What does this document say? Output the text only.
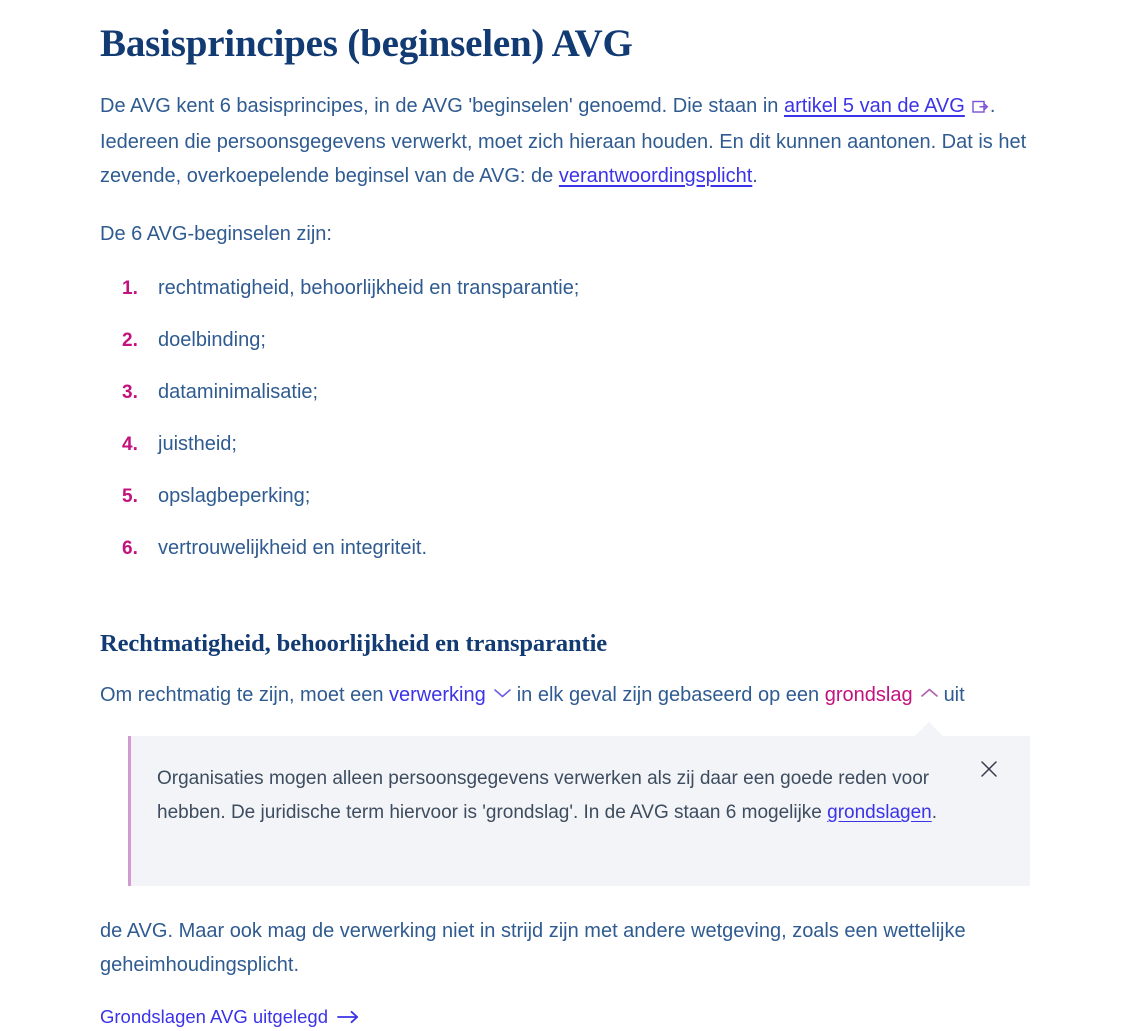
Basisprincipes (beginselen) AVG

De AVG kent 6 basisprincipes, in de AVG 'beginselen' genoemd. Die staan in artikel 5 van de AVG . Iedereen die persoonsgegevens verwerkt, moet zich hieraan houden. En dit kunnen aantonen. Dat is het zevende, overkoepelende beginsel van de AVG: de verantwoordingsplicht.

De 6 AVG-beginselen zijn:

1.	rechtmatigheid, behoorlijkheid en transparantie;
2.	doelbinding;
3.	dataminimalisatie;
4.	juistheid;
5.	opslagbeperking;
6.	vertrouwelijkheid en integriteit.
Rechtmatigheid, behoorlijkheid en transparantie

Om rechtmatig te zijn, moet een verwerking in elk geval zijn gebaseerd op een grondslag uit

Organisaties mogen alleen persoonsgegevens verwerken als zij daar een goede reden voor hebben. De juridische term hiervoor is 'grondslag'. In de AVG staan 6 mogelijke grondslagen.

de AVG. Maar ook mag de verwerking niet in strijd zijn met andere wetgeving, zoals een wettelijke geheimhoudingsplicht.

Grondslagen AVG uitgelegd
